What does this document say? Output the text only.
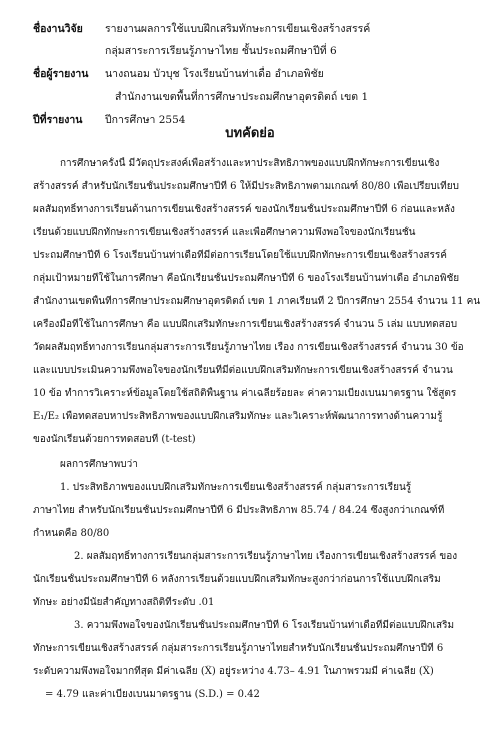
ชื่องานวิจัย รายงานผลการใช้แบบฝึกเสริมทักษะการเขียนเชิงสร้างสรรค์
กลุ่มสาระการเรียนรู้ภาษาไทย ชั้นประถมศึกษาปีที่ 6
ชื่อผู้รายงาน นางถนอม บัวบุช โรงเรียนบ้านท่าเดื่อ อำเภอพิชัย
สำนักงานเขตพื้นที่การศึกษาประถมศึกษาอุตรดิตถ์ เขต 1
ปีที่รายงาน ปีการศึกษา 2554
บทคัดย่อ
การศึกษาครั้งนี้ มีวัตถุประสงค์เพื่อสร้างและหาประสิทธิภาพของแบบฝึกทักษะการเขียนเชิง
สร้างสรรค์ สำหรับนักเรียนชั้นประถมศึกษาปีที่ 6 ให้มีประสิทธิภาพตามเกณฑ์ 80/80 เพื่อเปรียบเทียบ
ผลสัมฤทธิ์ทางการเรียนด้านการเขียนเชิงสร้างสรรค์ ของนักเรียนชั้นประถมศึกษาปีที่ 6 ก่อนและหลัง
เรียนด้วยแบบฝึกทักษะการเขียนเชิงสร้างสรรค์ และเพื่อศึกษาความพึงพอใจของนักเรียนชั้น
ประถมศึกษาปีที่ 6 โรงเรียนบ้านท่าเดื่อที่มีต่อการเรียนโดยใช้แบบฝึกทักษะการเขียนเชิงสร้างสรรค์
กลุ่มเป้าหมายที่ใช้ในการศึกษา คือนักเรียนชั้นประถมศึกษาปีที่ 6 ของโรงเรียนบ้านท่าเดื่อ อำเภอพิชัย
สำนักงานเขตพื้นที่การศึกษาประถมศึกษาอุตรดิตถ์ เขต 1 ภาคเรียนที่ 2 ปีการศึกษา 2554 จำนวน 11 คน
เครื่องมือที่ใช้ในการศึกษา คือ แบบฝึกเสริมทักษะการเขียนเชิงสร้างสรรค์ จำนวน 5 เล่ม แบบทดสอบ
วัดผลสัมฤทธิ์ทางการเรียนกลุ่มสาระการเรียนรู้ภาษาไทย เรื่อง การเขียนเชิงสร้างสรรค์ จำนวน 30 ข้อ
และแบบประเมินความพึงพอใจของนักเรียนที่มีต่อแบบฝึกเสริมทักษะการเขียนเชิงสร้างสรรค์ จำนวน
10 ข้อ ทำการวิเคราะห์ข้อมูลโดยใช้สถิติพื้นฐาน ค่าเฉลี่ยร้อยละ ค่าความเบี่ยงเบนมาตรฐาน ใช้สูตร
E₁/E₂ เพื่อทดสอบหาประสิทธิภาพของแบบฝึกเสริมทักษะ และวิเคราะห์พัฒนาการทางด้านความรู้
ของนักเรียนด้วยการทดสอบที (t-test)
ผลการศึกษาพบว่า
1. ประสิทธิภาพของแบบฝึกเสริมทักษะการเขียนเชิงสร้างสรรค์ กลุ่มสาระการเรียนรู้
ภาษาไทย สำหรับนักเรียนชั้นประถมศึกษาปีที่ 6 มีประสิทธิภาพ 85.74 / 84.24 ซึ่งสูงกว่าเกณฑ์ที่
กำหนดคือ 80/80
2. ผลสัมฤทธิ์ทางการเรียนกลุ่มสาระการเรียนรู้ภาษาไทย เรื่องการเขียนเชิงสร้างสรรค์ ของ
นักเรียนชั้นประถมศึกษาปีที่ 6 หลังการเรียนด้วยแบบฝึกเสริมทักษะสูงกว่าก่อนการใช้แบบฝึกเสริม
ทักษะ อย่างมีนัยสำคัญทางสถิติที่ระดับ .01
3. ความพึงพอใจของนักเรียนชั้นประถมศึกษาปีที่ 6 โรงเรียนบ้านท่าเดื่อที่มีต่อแบบฝึกเสริม
ทักษะการเขียนเชิงสร้างสรรค์ กลุ่มสาระการเรียนรู้ภาษาไทยสำหรับนักเรียนชั้นประถมศึกษาปีที่ 6
ระดับความพึงพอใจมากที่สุด มีค่าเฉลี่ย (X̄) อยู่ระหว่าง 4.73– 4.91 ในภาพรวมมี ค่าเฉลี่ย (X̄)
= 4.79 และค่าเบี่ยงเบนมาตรฐาน (S.D.) = 0.42
